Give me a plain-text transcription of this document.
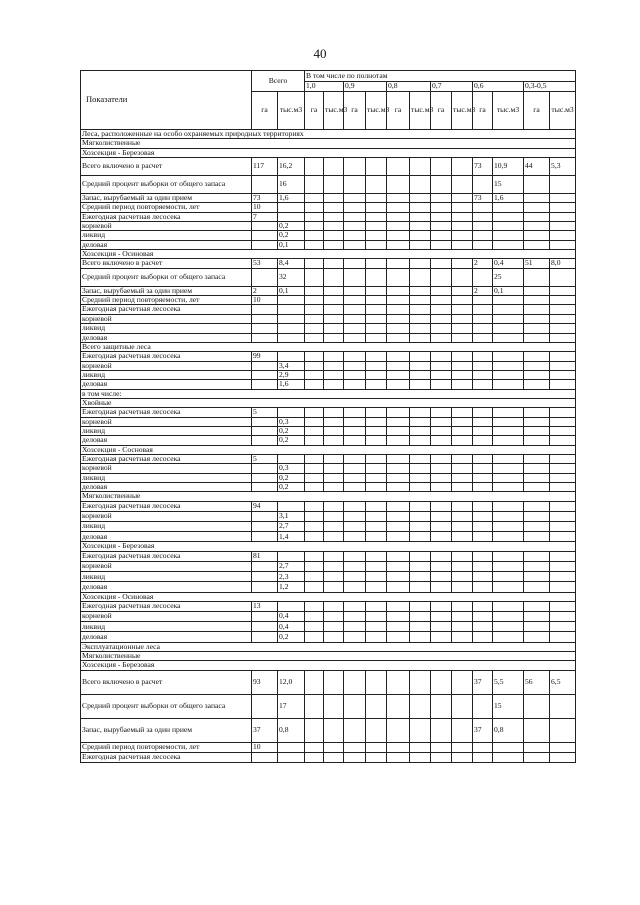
40
Показатели	Всего		В том числе по полнотам											
			1,0		0,9		0,8		0,7		0,6		0,3-0,5	
	га	тыс.м3	га	тыс.м3	га	тыс.м3	га	тыс.м3	га	тыс.м3	га	тыс.м3	га	тыс.м3
Леса, расположенные на особо охраняемых природных территориях														
Мягколиственные														
Хозсекция - Березовая														
Всего включено в расчет	117	16,2									73	10,9	44	5,3
Средний процент выборки от общего запаса		16										15		
Запас, вырубаемый за один прием	73	1,6									73	1,6		
Средний период повторяемости, лет	10													
Ежегодная расчетная лесосека	7													
корневой		0,2												
ликвид		0,2												
деловая		0,1												
Хозсекция - Осиновая														
Всего включено в расчет	53	8,4									2	0,4	51	8,0
Средний процент выборки от общего запаса		32										25		
Запас, вырубаемый за один прием	2	0,1									2	0,1		
Средний период повторяемости, лет	10													
Ежегодная расчетная лесосека														
корневой														
ликвид														
деловая														
Всего защитные леса														
Ежегодная расчетная лесосека	99													
корневой		3,4												
ликвид		2,9												
деловая		1,6												
в том числе:														
Хвойные														
Ежегодная расчетная лесосека	5													
корневой		0,3												
ликвид		0,2												
деловая		0,2												
Хозсекция - Сосновая														
Ежегодная расчетная лесосека	5													
корневой		0,3												
ликвид		0,2												
деловая		0,2												
Мягколиственные														
Ежегодная расчетная лесосека	94													
корневой		3,1												
ликвид		2,7												
деловая		1,4												
Хозсекция - Березовая														
Ежегодная расчетная лесосека	81													
корневой		2,7												
ликвид		2,3												
деловая		1,2												
Хозсекция - Осиновая														
Ежегодная расчетная лесосека	13													
корневой		0,4												
ликвид		0,4												
деловая		0,2												
Эксплуатационные леса														
Мягколиственные														
Хозсекция - Березовая														
Всего включено в расчет	93	12,0									37	5,5	56	6,5
Средний процент выборки от общего запаса		17										15		
Запас, вырубаемый за один прием	37	0,8									37	0,8		
Средний период повторяемости, лет	10													
Ежегодная расчетная лесосека														
